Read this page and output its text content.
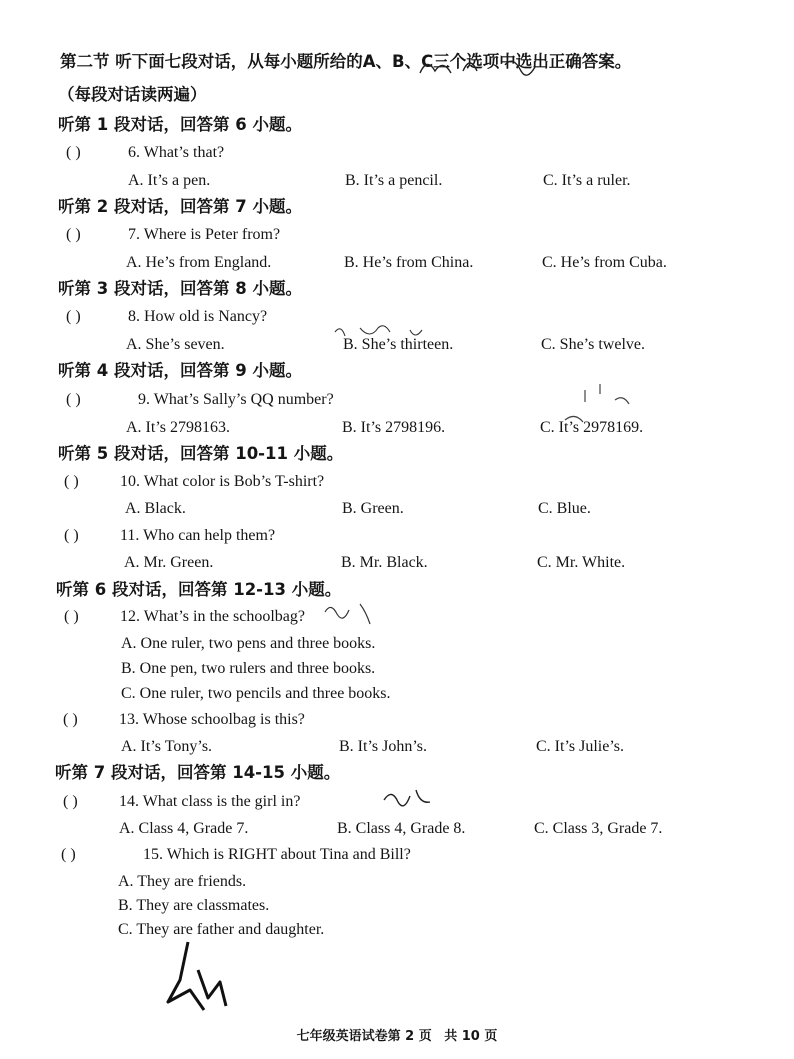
第二节 听下面七段对话，从每小题所给的A、B、C三个选项中选出正确答案。
（每段对话读两遍）
听第 1 段对话，回答第 6 小题。
( )	6. What’s that?
A. It’s a pen.	B. It’s a pencil.	C. It’s a ruler.
听第 2 段对话，回答第 7 小题。
( )	7. Where is Peter from?
A. He’s from England.	B. He’s from China.	C. He’s from Cuba.
听第 3 段对话，回答第 8 小题。
( )	8. How old is Nancy?
A. She’s seven.	B. She’s thirteen.	C. She’s twelve.
听第 4 段对话，回答第 9 小题。
( )	9. What’s Sally’s QQ number?
A. It’s 2798163.	B. It’s 2798196.	C. It’s 2978169.
听第 5 段对话，回答第 10-11 小题。
( )	10. What color is Bob’s T-shirt?
A. Black.	B. Green.	C. Blue.
( )	11. Who can help them?
A. Mr. Green.	B. Mr. Black.	C. Mr. White.
听第 6 段对话，回答第 12-13 小题。
( )	12. What’s in the schoolbag?
A. One ruler, two pens and three books.
B. One pen, two rulers and three books.
C. One ruler, two pencils and three books.
( )	13. Whose schoolbag is this?
A. It’s Tony’s.	B. It’s John’s.	C. It’s Julie’s.
听第 7 段对话，回答第 14-15 小题。
( )	14. What class is the girl in?
A. Class 4, Grade 7.	B. Class 4, Grade 8.	C. Class 3, Grade 7.
( )	15. Which is RIGHT about Tina and Bill?
A. They are friends.
B. They are classmates.
C. They are father and daughter.
七年级英语试卷第 2 页 共 10 页
